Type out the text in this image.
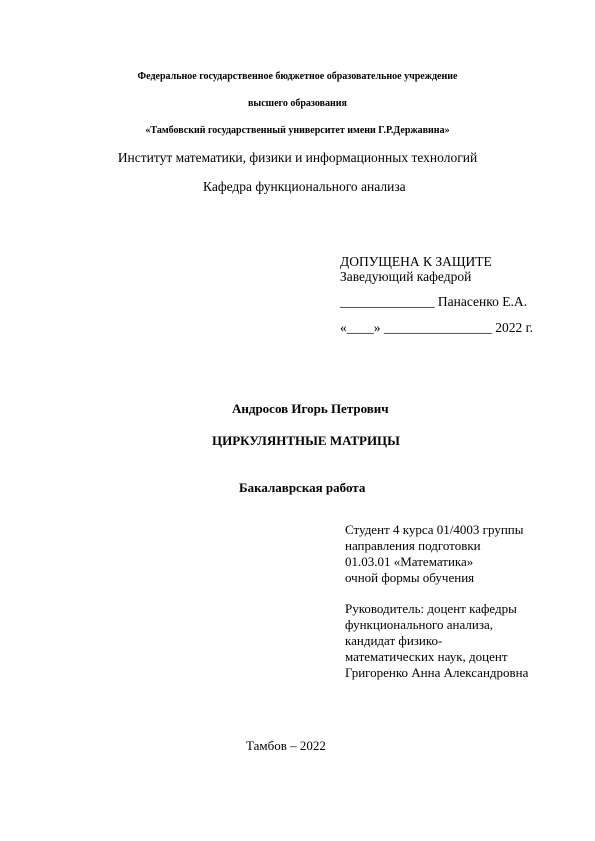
Федеральное государственное бюджетное образовательное учреждение
высшего образования
«Тамбовский государственный университет имени Г.Р.Державина»
Институт математики, физики и информационных технологий
Кафедра функционального анализа
ДОПУЩЕНА К ЗАЩИТЕ
Заведующий кафедрой
______________ Панасенко Е.А.
«____» ________________ 2022 г.
Андросов Игорь Петрович
ЦИРКУЛЯНТНЫЕ МАТРИЦЫ
Бакалаврская работа
Студент 4 курса 01/4003 группы
направления подготовки
01.03.01 «Математика»
очной формы обучения
Руководитель: доцент кафедры
функционального анализа,
кандидат физико-
математических наук, доцент
Григоренко Анна Александровна
Тамбов – 2022
